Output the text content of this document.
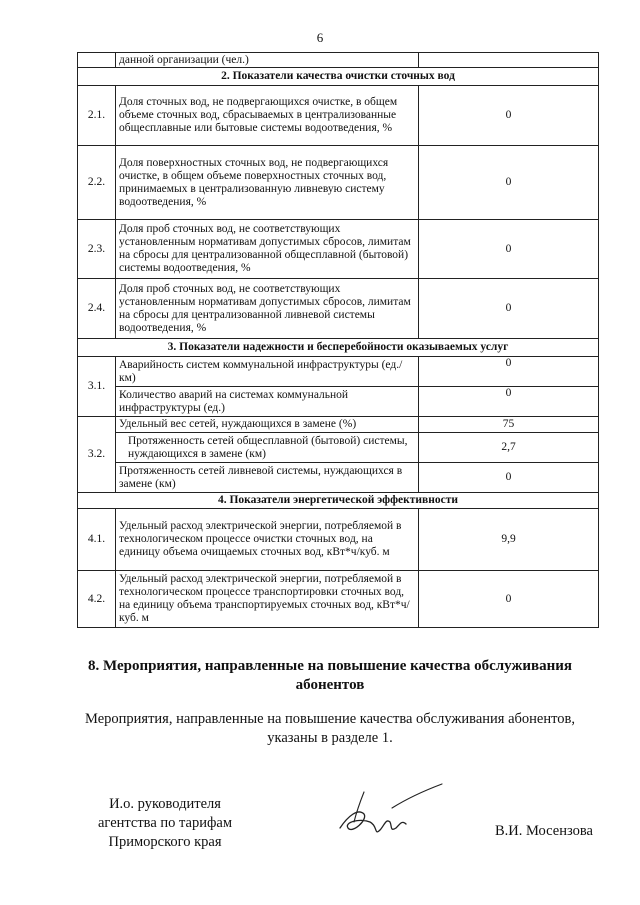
6
	данной организации (чел.)	
2. Показатели качества очистки сточных вод		
2.1.	Доля сточных вод, не подвергающихся очистке, в общем объеме сточных вод, сбрасываемых в централизованные общесплавные или бытовые системы водоотведения, %	0
2.2.	Доля поверхностных сточных вод, не подвергающихся очистке, в общем объеме поверхностных сточных вод, принимаемых в централизованную ливневую систему водоотведения, %	0
2.3.	Доля проб сточных вод, не соответствующих установленным нормативам допустимых сбросов, лимитам на сбросы для централизованной общесплавной (бытовой) системы водоотведения, %	0
2.4.	Доля проб сточных вод, не соответствующих установленным нормативам допустимых сбросов, лимитам на сбросы для централизованной ливневой системы водоотведения, %	0
3. Показатели надежности и бесперебойности оказываемых услуг		
3.1.	Аварийность систем коммунальной инфраструктуры (ед./км)	0
	Количество аварий на системах коммунальной инфраструктуры (ед.)	0
3.2.	Удельный вес сетей, нуждающихся в замене (%)	75
	Протяженность сетей общесплавной (бытовой) системы, нуждающихся в замене (км)	2,7
	Протяженность сетей ливневой системы, нуждающихся в замене (км)	0
4. Показатели энергетической эффективности		
4.1.	Удельный расход электрической энергии, потребляемой в технологическом процессе очистки сточных вод, на единицу объема очищаемых сточных вод, кВт*ч/куб. м	9,9
4.2.	Удельный расход электрической энергии, потребляемой в технологическом процессе транспортировки сточных вод, на единицу объема транспортируемых сточных вод, кВт*ч/куб. м	0
8. Мероприятия, направленные на повышение качества обслуживания абонентов
Мероприятия, направленные на повышение качества обслуживания абонентов, указаны в разделе 1.
И.о. руководителя
агентства по тарифам
Приморского края
В.И. Мосензова
